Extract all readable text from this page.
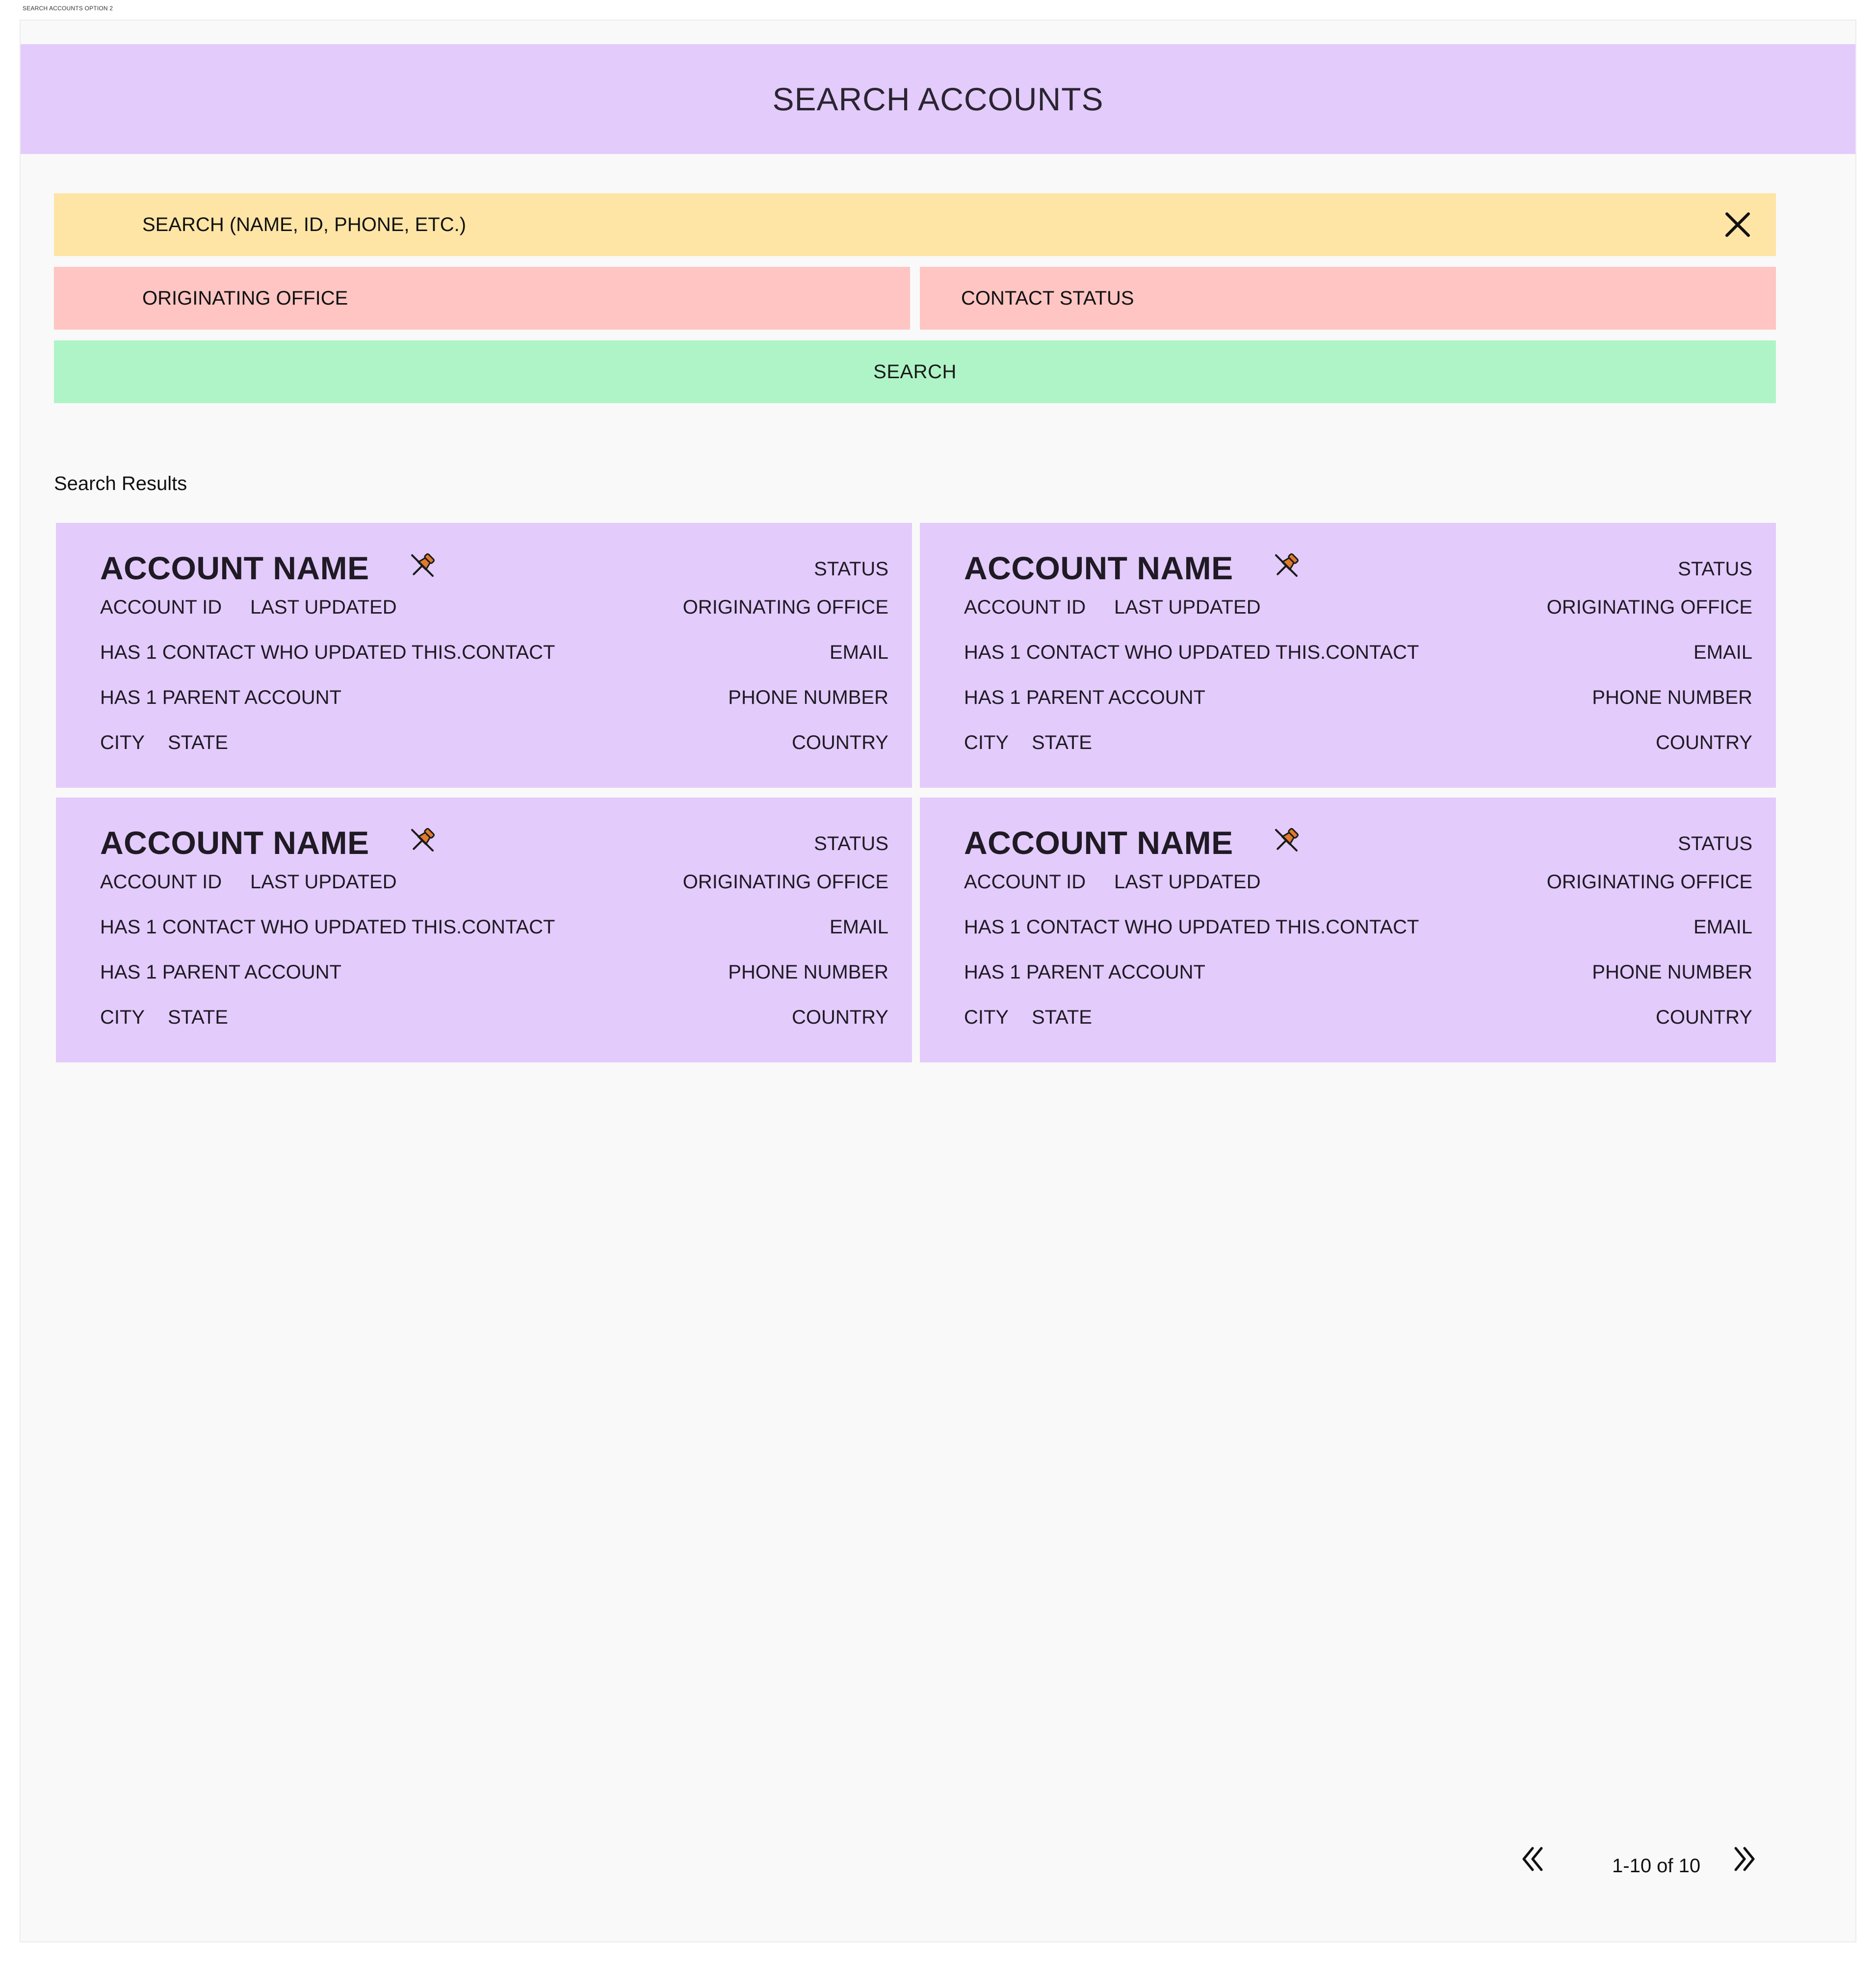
SEARCH ACCOUNTS OPTION 2
SEARCH ACCOUNTS
SEARCH (NAME, ID, PHONE, ETC.)
ORIGINATING OFFICE	CONTACT STATUS
SEARCH
Search Results
ACCOUNT NAME	STATUS
ACCOUNT ID LAST UPDATED	ORIGINATING OFFICE
HAS 1 CONTACT WHO UPDATED THIS.CONTACT	EMAIL
HAS 1 PARENT ACCOUNT	PHONE NUMBER
CITY STATE	COUNTRY
ACCOUNT NAME	STATUS
ACCOUNT ID LAST UPDATED	ORIGINATING OFFICE
HAS 1 CONTACT WHO UPDATED THIS.CONTACT	EMAIL
HAS 1 PARENT ACCOUNT	PHONE NUMBER
CITY STATE	COUNTRY
ACCOUNT NAME	STATUS
ACCOUNT ID LAST UPDATED	ORIGINATING OFFICE
HAS 1 CONTACT WHO UPDATED THIS.CONTACT	EMAIL
HAS 1 PARENT ACCOUNT	PHONE NUMBER
CITY STATE	COUNTRY
ACCOUNT NAME	STATUS
ACCOUNT ID LAST UPDATED	ORIGINATING OFFICE
HAS 1 CONTACT WHO UPDATED THIS.CONTACT	EMAIL
HAS 1 PARENT ACCOUNT	PHONE NUMBER
CITY STATE	COUNTRY
1-10 of 10
